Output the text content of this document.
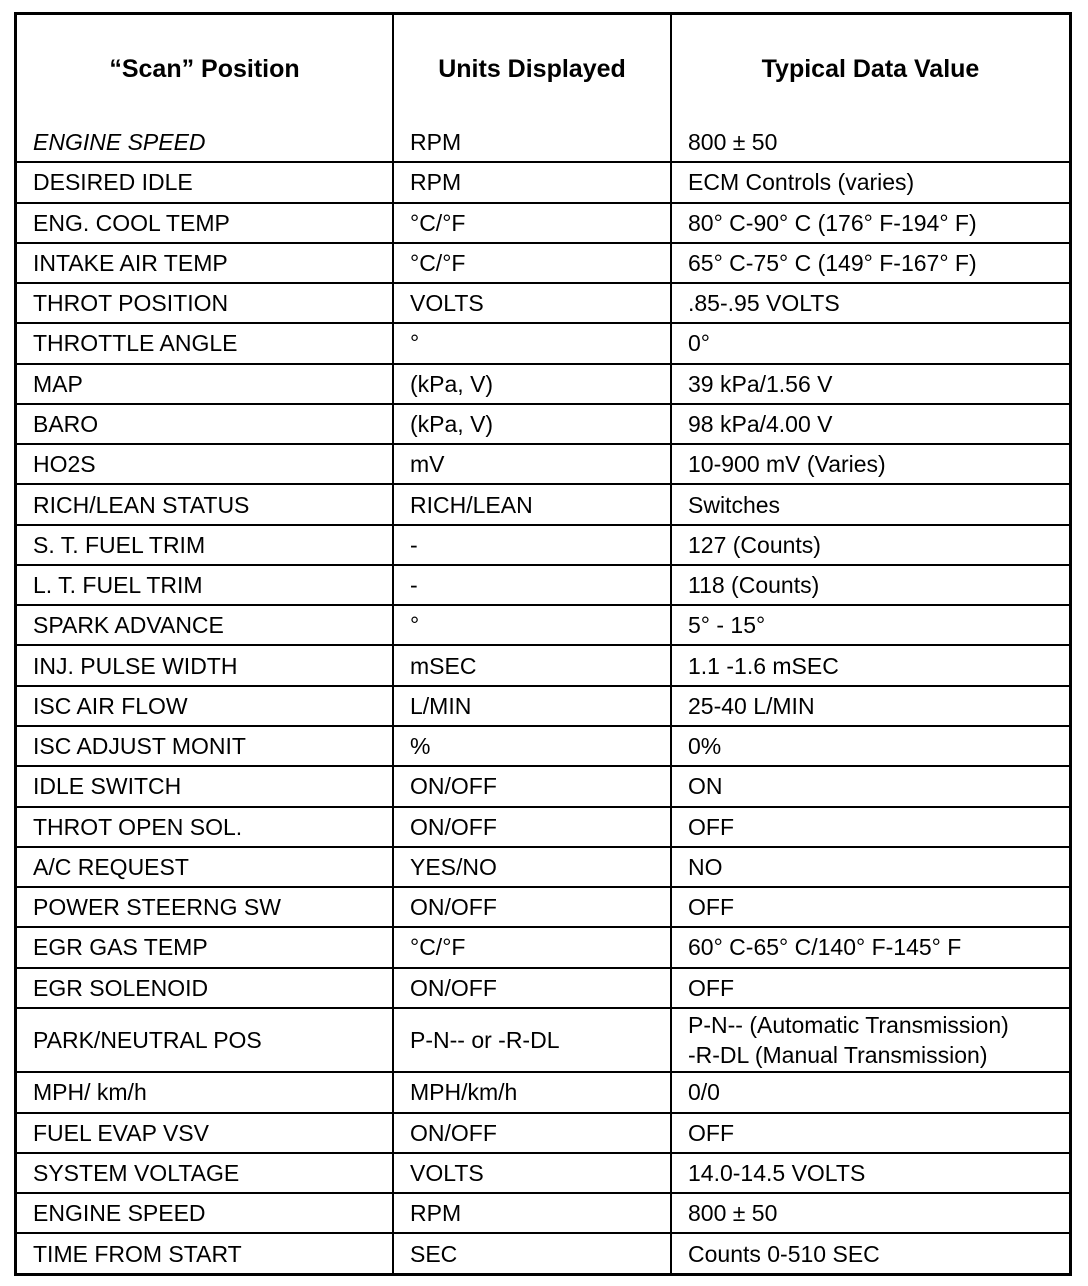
“Scan” Position	Units Displayed	Typical Data Value
ENGINE SPEED	RPM	800 ± 50
DESIRED IDLE	RPM	ECM Controls (varies)
ENG. COOL TEMP	°C/°F	80° C-90° C (176° F-194° F)
INTAKE AIR TEMP	°C/°F	65° C-75° C (149° F-167° F)
THROT POSITION	VOLTS	.85-.95 VOLTS
THROTTLE ANGLE	°	0°
MAP	(kPa, V)	39 kPa/1.56 V
BARO	(kPa, V)	98 kPa/4.00 V
HO2S	mV	10-900 mV (Varies)
RICH/LEAN STATUS	RICH/LEAN	Switches
S. T. FUEL TRIM	-	127 (Counts)
L. T. FUEL TRIM	-	118 (Counts)
SPARK ADVANCE	°	5° - 15°
INJ. PULSE WIDTH	mSEC	1.1 -1.6 mSEC
ISC AIR FLOW	L/MIN	25-40 L/MIN
ISC ADJUST MONIT	%	0%
IDLE SWITCH	ON/OFF	ON
THROT OPEN SOL.	ON/OFF	OFF
A/C REQUEST	YES/NO	NO
POWER STEERNG SW	ON/OFF	OFF
EGR GAS TEMP	°C/°F	60° C-65° C/140° F-145° F
EGR SOLENOID	ON/OFF	OFF
PARK/NEUTRAL POS	P-N-- or -R-DL	P-N-- (Automatic Transmission)
-R-DL (Manual Transmission)

MPH/ km/h	MPH/km/h	0/0
FUEL EVAP VSV	ON/OFF	OFF
SYSTEM VOLTAGE	VOLTS	14.0-14.5 VOLTS
ENGINE SPEED	RPM	800 ± 50
TIME FROM START	SEC	Counts 0-510 SEC
